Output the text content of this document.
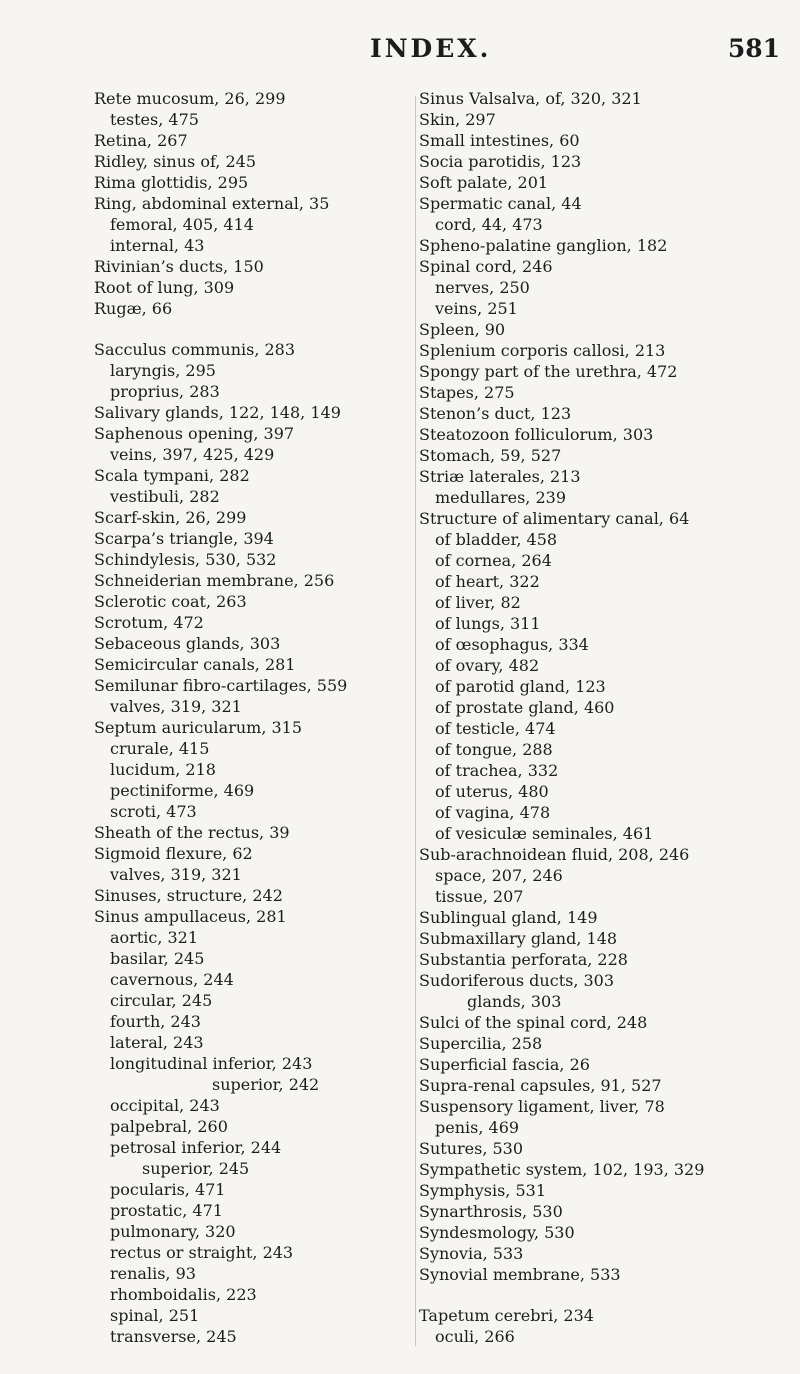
INDEX.	581
Rete mucosum, 26, 299
testes, 475
Retina, 267
Ridley, sinus of, 245
Rima glottidis, 295
Ring, abdominal external, 35
femoral, 405, 414
internal, 43
Rivinian’s ducts, 150
Root of lung, 309
Rugæ, 66
Sacculus communis, 283
laryngis, 295
proprius, 283
Salivary glands, 122, 148, 149
Saphenous opening, 397
veins, 397, 425, 429
Scala tympani, 282
vestibuli, 282
Scarf-skin, 26, 299
Scarpa’s triangle, 394
Schindylesis, 530, 532
Schneiderian membrane, 256
Sclerotic coat, 263
Scrotum, 472
Sebaceous glands, 303
Semicircular canals, 281
Semilunar fibro-cartilages, 559
valves, 319, 321
Septum auricularum, 315
crurale, 415
lucidum, 218
pectiniforme, 469
scroti, 473
Sheath of the rectus, 39
Sigmoid flexure, 62
valves, 319, 321
Sinuses, structure, 242
Sinus ampullaceus, 281
aortic, 321
basilar, 245
cavernous, 244
circular, 245
fourth, 243
lateral, 243
longitudinal inferior, 243
superior, 242
occipital, 243
palpebral, 260
petrosal inferior, 244
superior, 245
pocularis, 471
prostatic, 471
pulmonary, 320
rectus or straight, 243
renalis, 93
rhomboidalis, 223
spinal, 251
transverse, 245
Sinus Valsalva, of, 320, 321
Skin, 297
Small intestines, 60
Socia parotidis, 123
Soft palate, 201
Spermatic canal, 44
cord, 44, 473
Spheno-palatine ganglion, 182
Spinal cord, 246
nerves, 250
veins, 251
Spleen, 90
Splenium corporis callosi, 213
Spongy part of the urethra, 472
Stapes, 275
Stenon’s duct, 123
Steatozoon folliculorum, 303
Stomach, 59, 527
Striæ laterales, 213
medullares, 239
Structure of alimentary canal, 64
of bladder, 458
of cornea, 264
of heart, 322
of liver, 82
of lungs, 311
of œsophagus, 334
of ovary, 482
of parotid gland, 123
of prostate gland, 460
of testicle, 474
of tongue, 288
of trachea, 332
of uterus, 480
of vagina, 478
of vesiculæ seminales, 461
Sub-arachnoidean fluid, 208, 246
space, 207, 246
tissue, 207
Sublingual gland, 149
Submaxillary gland, 148
Substantia perforata, 228
Sudoriferous ducts, 303
glands, 303
Sulci of the spinal cord, 248
Supercilia, 258
Superficial fascia, 26
Supra-renal capsules, 91, 527
Suspensory ligament, liver, 78
penis, 469
Sutures, 530
Sympathetic system, 102, 193, 329
Symphysis, 531
Synarthrosis, 530
Syndesmology, 530
Synovia, 533
Synovial membrane, 533
Tapetum cerebri, 234
oculi, 266
